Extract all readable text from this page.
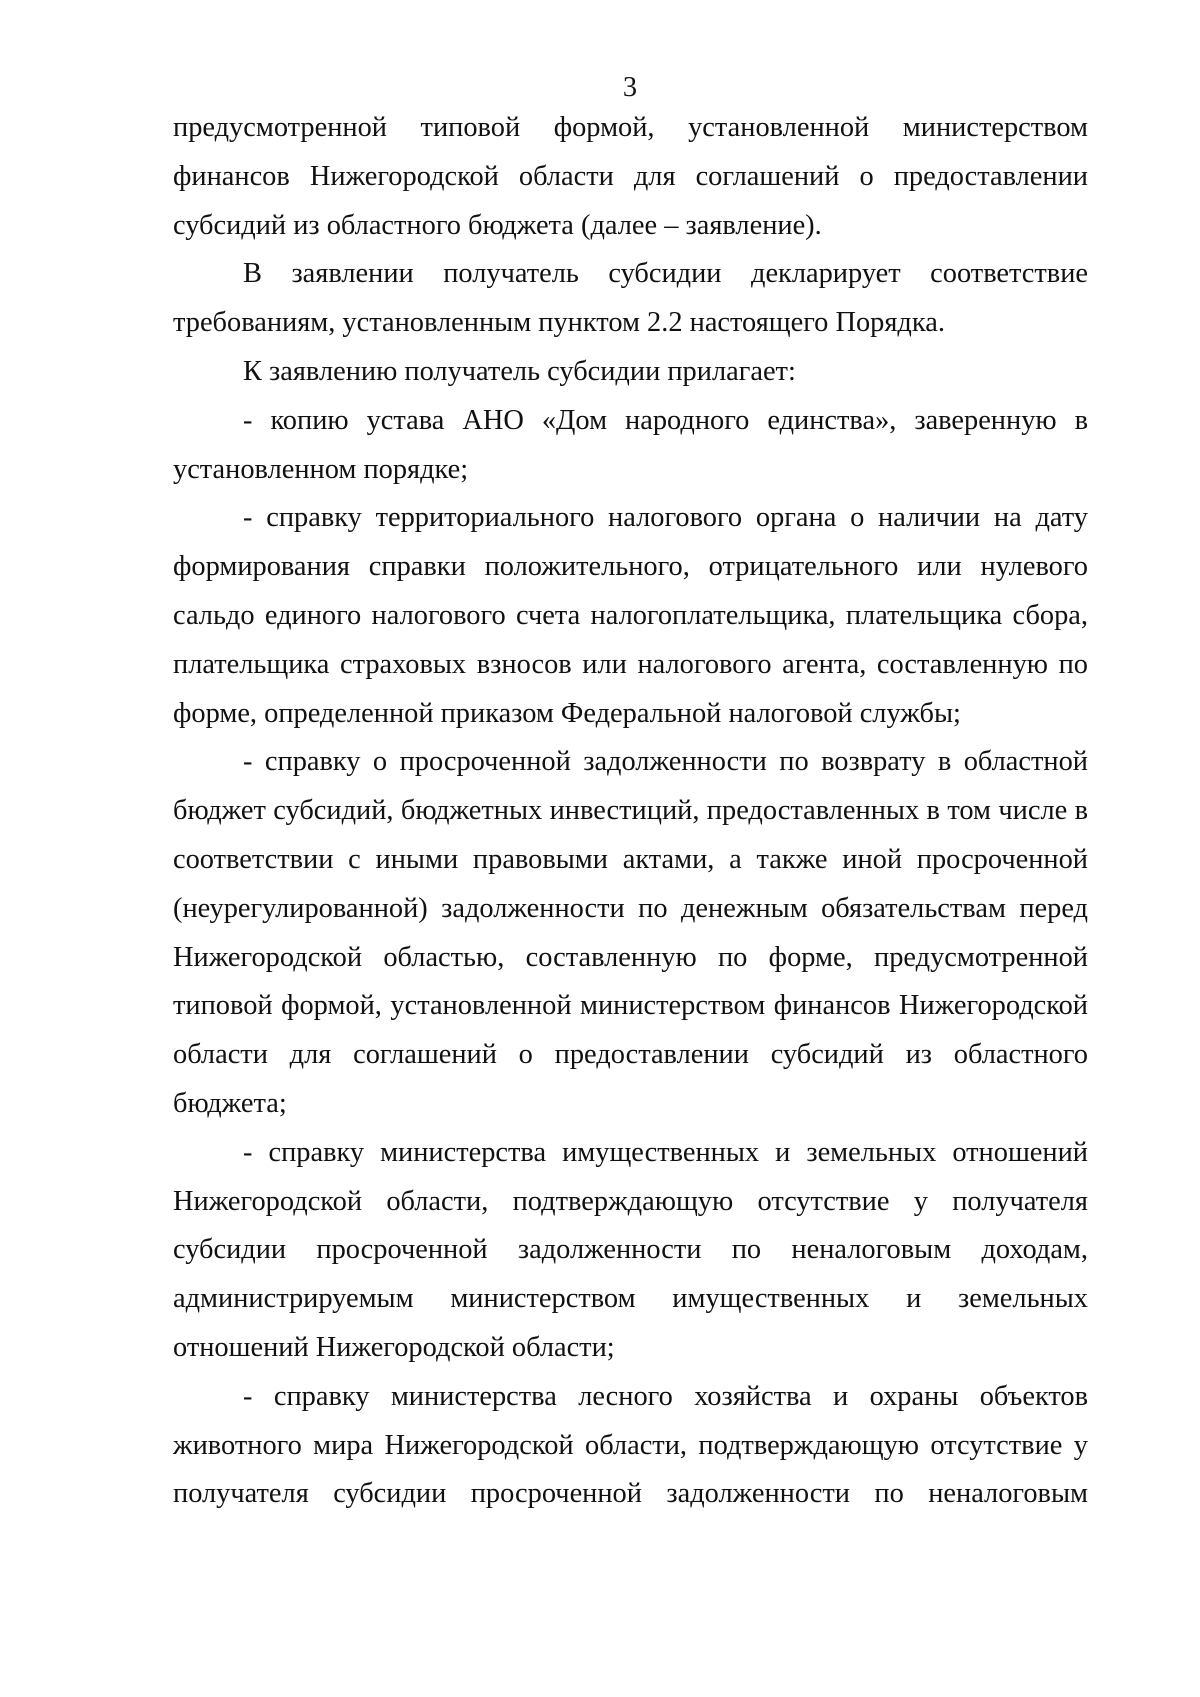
3

предусмотренной типовой формой, установленной министерством финансов Нижегородской области для соглашений о предоставлении субсидий из областного бюджета (далее – заявление).

В заявлении получатель субсидии декларирует соответствие требованиям, установленным пунктом 2.2 настоящего Порядка.

К заявлению получатель субсидии прилагает:

- копию устава АНО «Дом народного единства», заверенную в установленном порядке;

- справку территориального налогового органа о наличии на дату формирования справки положительного, отрицательного или нулевого сальдо единого налогового счета налогоплательщика, плательщика сбора, плательщика страховых взносов или налогового агента, составленную по форме, определенной приказом Федеральной налоговой службы;

- справку о просроченной задолженности по возврату в областной бюджет субсидий, бюджетных инвестиций, предоставленных в том числе в соответствии с иными правовыми актами, а также иной просроченной (неурегулированной) задолженности по денежным обязательствам перед Нижегородской областью, составленную по форме, предусмотренной типовой формой, установленной министерством финансов Нижегородской области для соглашений о предоставлении субсидий из областного бюджета;

- справку министерства имущественных и земельных отношений Нижегородской области, подтверждающую отсутствие у получателя субсидии просроченной задолженности по неналоговым доходам, администрируемым министерством имущественных и земельных отношений Нижегородской области;

- справку министерства лесного хозяйства и охраны объектов животного мира Нижегородской области, подтверждающую отсутствие у получателя субсидии просроченной задолженности по неналоговым
